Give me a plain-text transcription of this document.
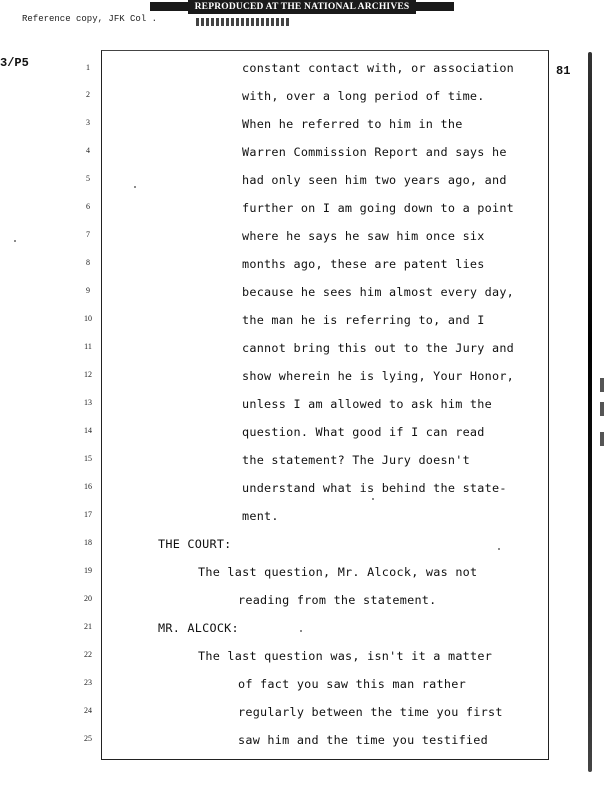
REPRODUCED AT THE NATIONAL ARCHIVES
Reference copy, JFK Col .
3/P5
81
1
2
3
4
5
6
7
8
9
10
11
12
13
14
15
16
17
18
19
20
21
22
23
24
25
constant contact with, or association
with, over a long period of time.
When he referred to him in the
Warren Commission Report and says he
had only seen him two years ago, and
further on I am going down to a point
where he says he saw him once six
months ago, these are patent lies
because he sees him almost every day,
the man he is referring to, and I
cannot bring this out to the Jury and
show wherein he is lying, Your Honor,
unless I am allowed to ask him the
question. What good if I can read
the statement? The Jury doesn't
understand what is behind the state-
ment.
THE COURT:
The last question, Mr. Alcock, was not
reading from the statement.
MR. ALCOCK:
The last question was, isn't it a matter
of fact you saw this man rather
regularly between the time you first
saw him and the time you testified
